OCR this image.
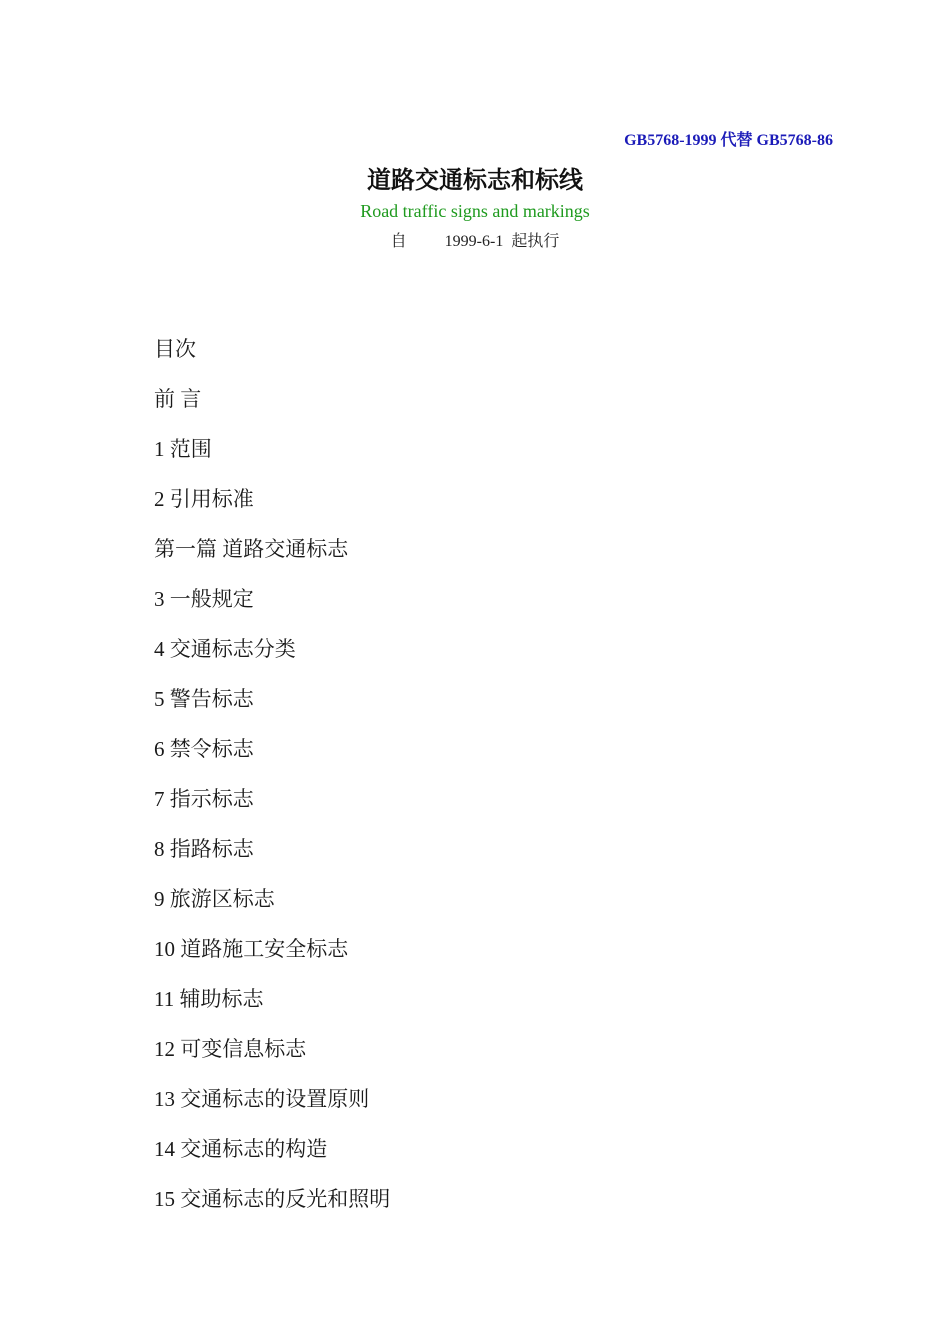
GB5768-1999 代替 GB5768-86
道路交通标志和标线
Road traffic signs and markings
自 1999-6-1 起执行
目次
前 言
1 范围
2 引用标准
第一篇 道路交通标志
3 一般规定
4 交通标志分类
5 警告标志
6 禁令标志
7 指示标志
8 指路标志
9 旅游区标志
10 道路施工安全标志
11 辅助标志
12 可变信息标志
13 交通标志的设置原则
14 交通标志的构造
15 交通标志的反光和照明
